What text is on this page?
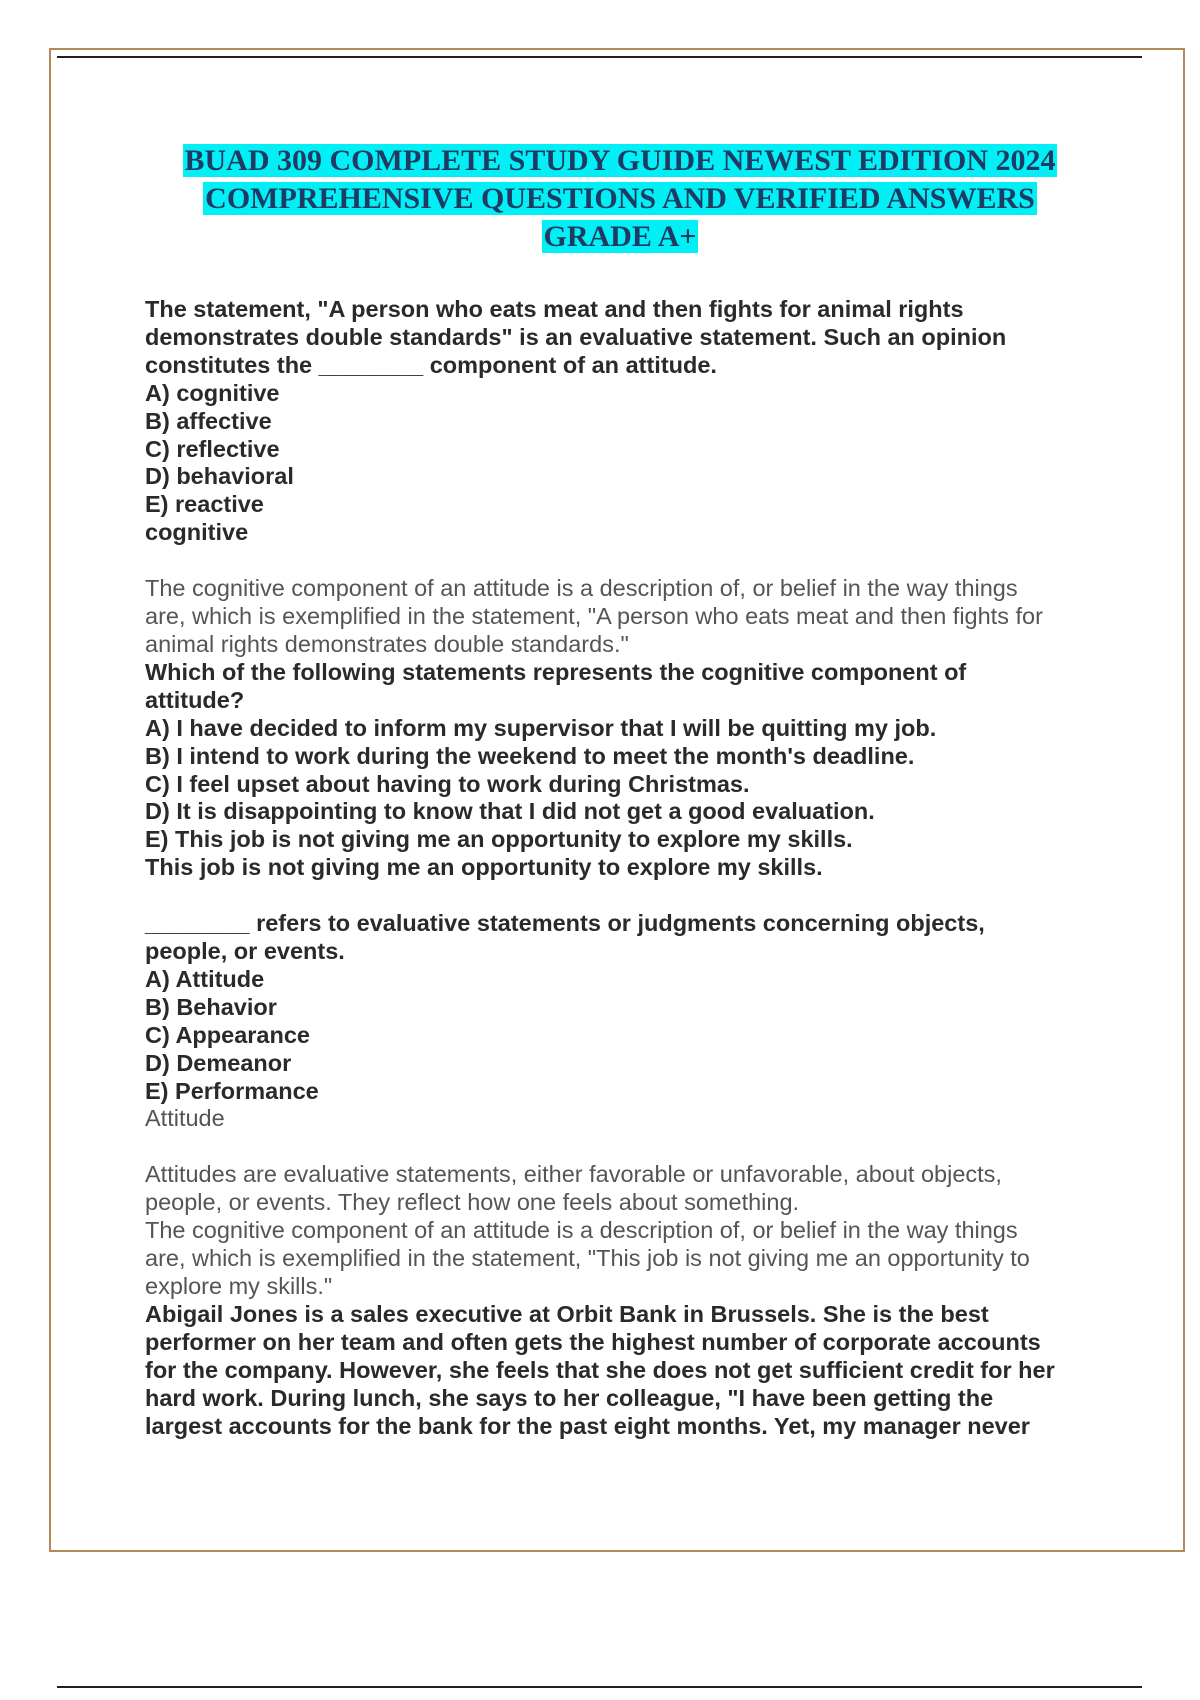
BUAD 309 COMPLETE STUDY GUIDE NEWEST EDITION 2024
COMPREHENSIVE QUESTIONS AND VERIFIED ANSWERS
GRADE A+

The statement, "A person who eats meat and then fights for animal rights

demonstrates double standards" is an evaluative statement. Such an opinion

constitutes the ________ component of an attitude.

A) cognitive

B) affective

C) reflective

D) behavioral

E) reactive

cognitive

The cognitive component of an attitude is a description of, or belief in the way things

are, which is exemplified in the statement, "A person who eats meat and then fights for

animal rights demonstrates double standards."

Which of the following statements represents the cognitive component of

attitude?

A) I have decided to inform my supervisor that I will be quitting my job.

B) I intend to work during the weekend to meet the month's deadline.

C) I feel upset about having to work during Christmas.

D) It is disappointing to know that I did not get a good evaluation.

E) This job is not giving me an opportunity to explore my skills.

This job is not giving me an opportunity to explore my skills.

________ refers to evaluative statements or judgments concerning objects,

people, or events.

A) Attitude

B) Behavior

C) Appearance

D) Demeanor

E) Performance

Attitude

Attitudes are evaluative statements, either favorable or unfavorable, about objects,

people, or events. They reflect how one feels about something.

The cognitive component of an attitude is a description of, or belief in the way things

are, which is exemplified in the statement, "This job is not giving me an opportunity to

explore my skills."

Abigail Jones is a sales executive at Orbit Bank in Brussels. She is the best

performer on her team and often gets the highest number of corporate accounts

for the company. However, she feels that she does not get sufficient credit for her

hard work. During lunch, she says to her colleague, "I have been getting the

largest accounts for the bank for the past eight months. Yet, my manager never
